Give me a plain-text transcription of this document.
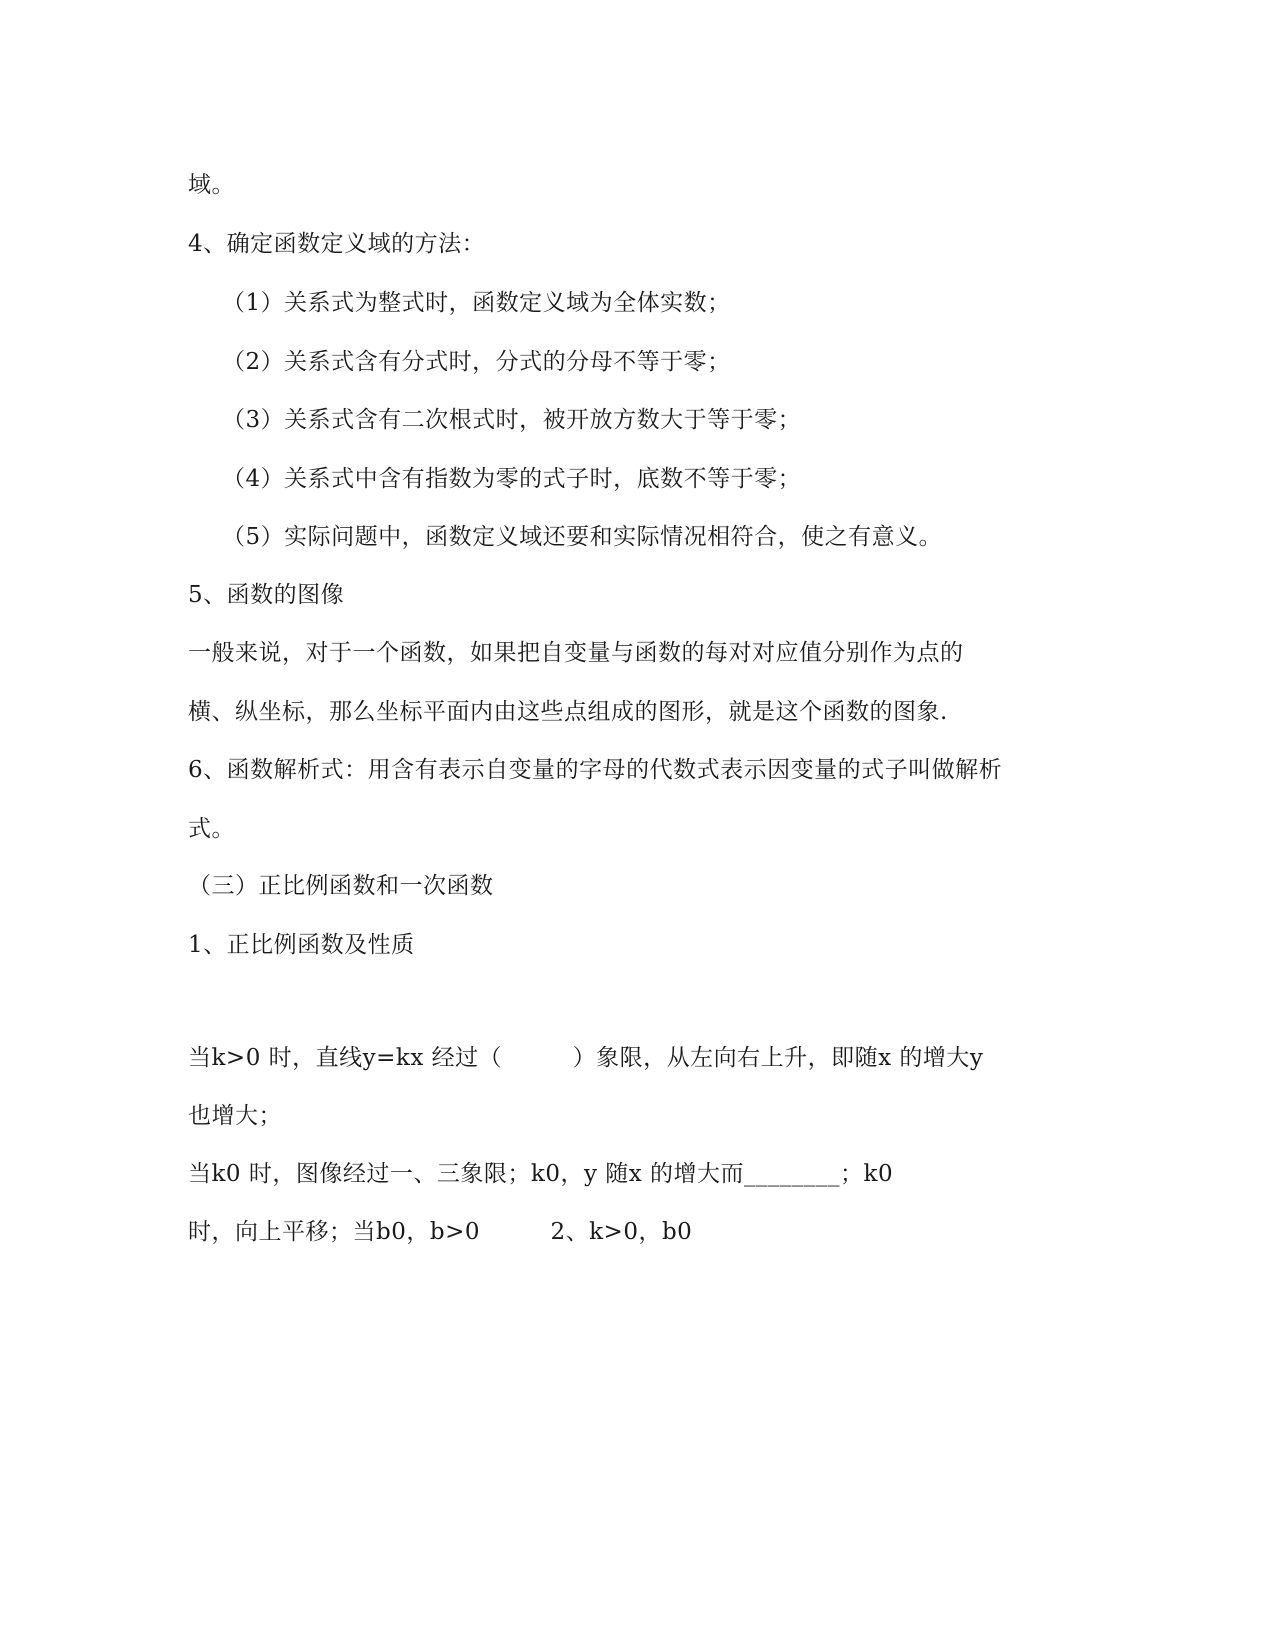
域。
4、确定函数定义域的方法：
（1）关系式为整式时，函数定义域为全体实数；
（2）关系式含有分式时，分式的分母不等于零；
（3）关系式含有二次根式时，被开放方数大于等于零；
（4）关系式中含有指数为零的式子时，底数不等于零；
（5）实际问题中，函数定义域还要和实际情况相符合，使之有意义。
5、函数的图像
一般来说，对于一个函数，如果把自变量与函数的每对对应值分别作为点的
横、纵坐标，那么坐标平面内由这些点组成的图形，就是这个函数的图象.
6、函数解析式：用含有表示自变量的字母的代数式表示因变量的式子叫做解析
式。
（三）正比例函数和一次函数
1、正比例函数及性质
当k>0 时，直线y=kx 经过（　　　）象限，从左向右上升，即随x 的增大y
也增大；
当k0 时，图像经过一、三象限；k0，y 随x 的增大而________；k0
时，向上平移；当b0，b>0　　　2、k>0，b0
